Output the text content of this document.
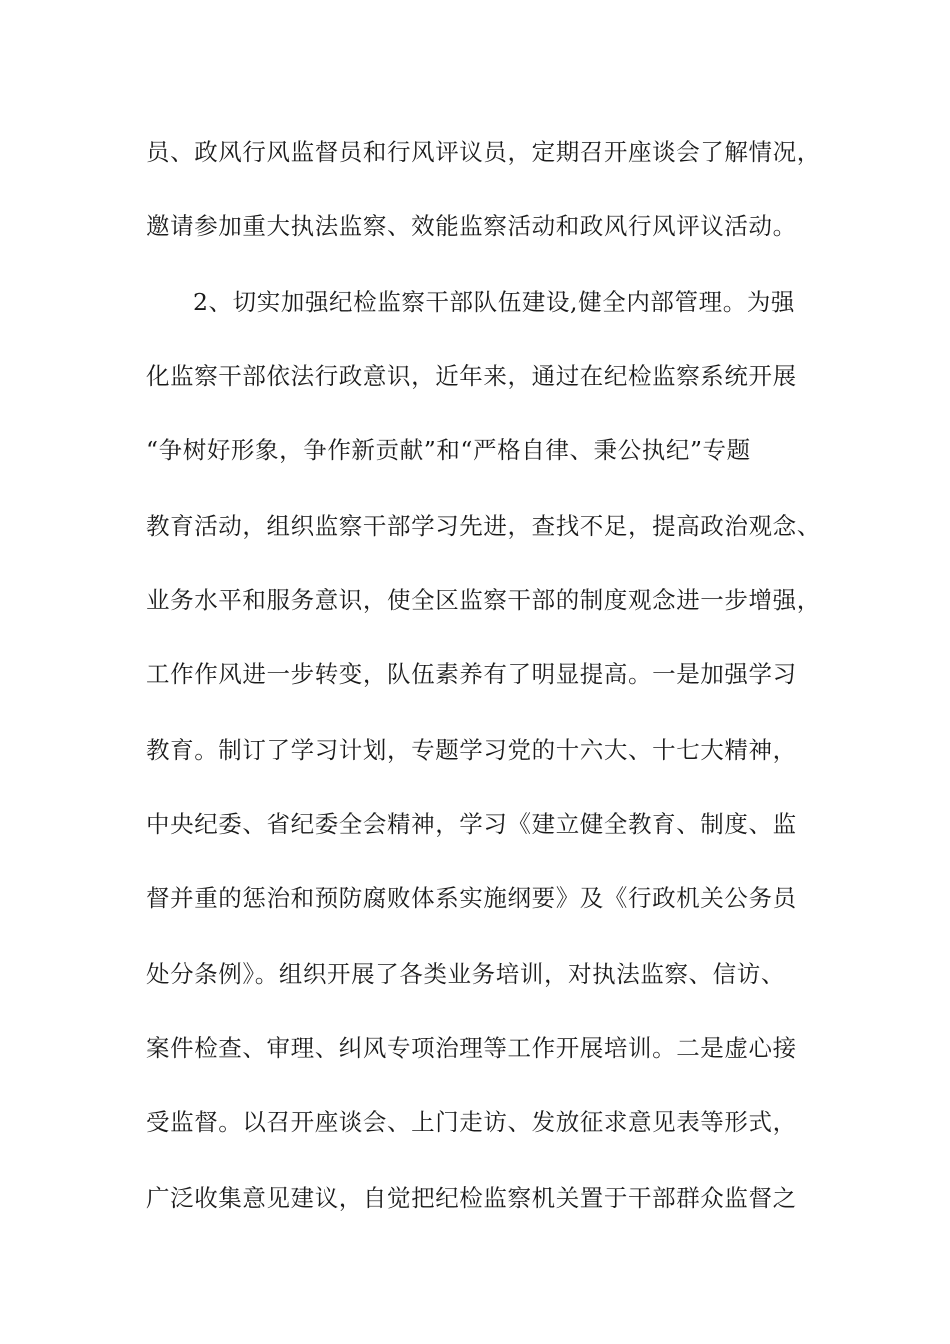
员、政风行风监督员和行风评议员，定期召开座谈会了解情况，
邀请参加重大执法监察、效能监察活动和政风行风评议活动。
2、切实加强纪检监察干部队伍建设,健全内部管理。为强
化监察干部依法行政意识，近年来，通过在纪检监察系统开展
“争树好形象，争作新贡献”和“严格自律、秉公执纪”专题
教育活动，组织监察干部学习先进，查找不足，提高政治观念、
业务水平和服务意识，使全区监察干部的制度观念进一步增强，
工作作风进一步转变，队伍素养有了明显提高。一是加强学习
教育。制订了学习计划，专题学习党的十六大、十七大精神，
中央纪委、省纪委全会精神，学习《建立健全教育、制度、监
督并重的惩治和预防腐败体系实施纲要》及《行政机关公务员
处分条例》。组织开展了各类业务培训，对执法监察、信访、
案件检查、审理、纠风专项治理等工作开展培训。二是虚心接
受监督。以召开座谈会、上门走访、发放征求意见表等形式，
广泛收集意见建议，自觉把纪检监察机关置于干部群众监督之
